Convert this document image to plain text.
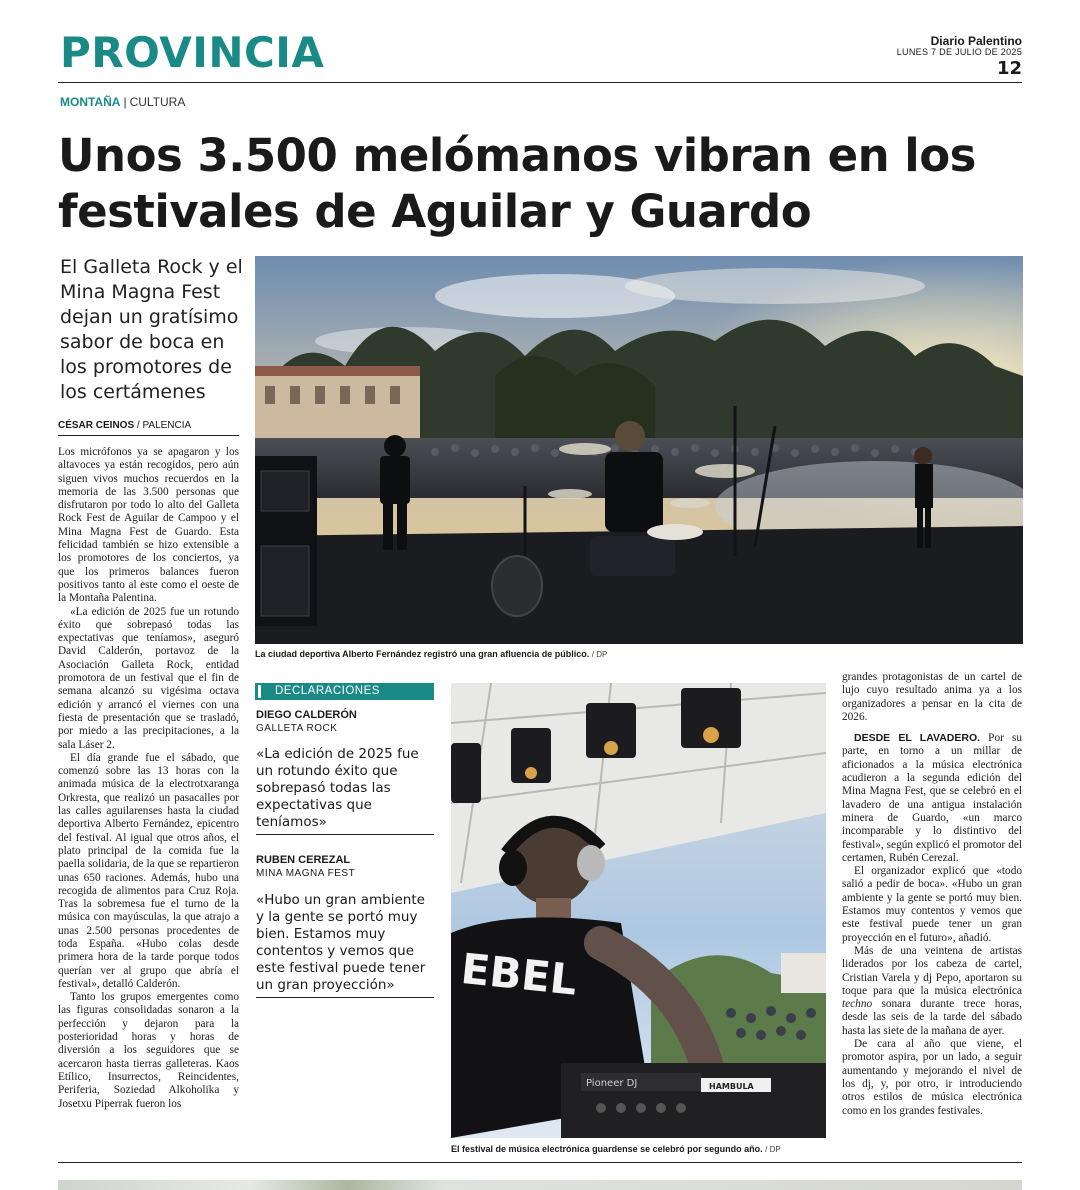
PROVINCIA	Diario Palentino
LUNES 7 DE JULIO DE 2025
12
MONTAÑA | CULTURA
Unos 3.500 melómanos vibran en los festivales de Aguilar y Guardo
El Galleta Rock y el Mina Magna Fest dejan un gratísimo sabor de boca en los promotores de los certámenes
CÉSAR CEINOS / PALENCIA

Los micrófonos ya se apagaron y los altavoces ya están recogidos, pero aún siguen vivos muchos recuerdos en la memoria de las 3.500 personas que disfrutaron por todo lo alto del Galleta Rock Fest de Aguilar de Campoo y el Mina Magna Fest de Guardo. Esta felicidad también se hizo extensible a los promotores de los conciertos, ya que los primeros balances fueron positivos tanto al este como el oeste de la Montaña Palentina.

«La edición de 2025 fue un rotundo éxito que sobrepasó todas las expectativas que teníamos», aseguró David Calderón, portavoz de la Asociación Galleta Rock, entidad promotora de un festival que el fin de semana alcanzó su vigésima octava edición y arrancó el viernes con una fiesta de presentación que se trasladó, por miedo a las precipitaciones, a la sala Láser 2.

El día grande fue el sábado, que comenzó sobre las 13 horas con la animada música de la electrotxaranga Orkresta, que realizó un pasacalles por las calles aguilarenses hasta la ciudad deportiva Alberto Fernández, epicentro del festival. Al igual que otros años, el plato principal de la comida fue la paella solidaria, de la que se repartieron unas 650 raciones. Además, hubo una recogida de alimentos para Cruz Roja. Tras la sobremesa fue el turno de la música con mayúsculas, la que atrajo a unas 2.500 personas procedentes de toda España. «Hubo colas desde primera hora de la tarde porque todos querían ver al grupo que abría el festival», detalló Calderón.

Tanto los grupos emergentes como las figuras consolidadas sonaron a la perfección y dejaron para la posterioridad horas y horas de diversión a los seguidores que se acercaron hasta tierras galleteras. Kaos Etílico, Insurrectos, Reincidentes, Periferia, Soziedad Alkoholika y Josetxu Piperrak fueron los

La ciudad deportiva Alberto Fernández registró una gran afluencia de público. / DP
DECLARACIONES
DIEGO CALDERÓN
GALLETA ROCK
«La edición de 2025 fue un rotundo éxito que sobrepasó todas las expectativas que teníamos»
RUBEN CEREZAL
MINA MAGNA FEST
«Hubo un gran ambiente y la gente se portó muy bien. Estamos muy contentos y vemos que este festival puede tener un gran proyección»	EBEL
Pioneer DJ	HAMBULA
El festival de música electrónica guardense se celebró por segundo año. / DP

grandes protagonistas de un cartel de lujo cuyo resultado anima ya a los organizadores a pensar en la cita de 2026.

DESDE EL LAVADERO. Por su parte, en torno a un millar de aficionados a la música electrónica acudieron a la segunda edición del Mina Magna Fest, que se celebró en el lavadero de una antigua instalación minera de Guardo, «un marco incomparable y lo distintivo del festival», según explicó el promotor del certamen, Rubén Cerezal.

El organizador explicó que «todo salió a pedir de boca». «Hubo un gran ambiente y la gente se portó muy bien. Estamos muy contentos y vemos que este festival puede tener un gran proyección en el futuro», añadió.

Más de una veintena de artistas liderados por los cabeza de cartel, Cristian Varela y dj Pepo, aportaron su toque para que la música electrónica techno sonara durante trece horas, desde las seis de la tarde del sábado hasta las siete de la mañana de ayer.

De cara al año que viene, el promotor aspira, por un lado, a seguir aumentando y mejorando el nivel de los dj, y, por otro, ir introduciendo otros estilos de música electrónica como en los grandes festivales.
